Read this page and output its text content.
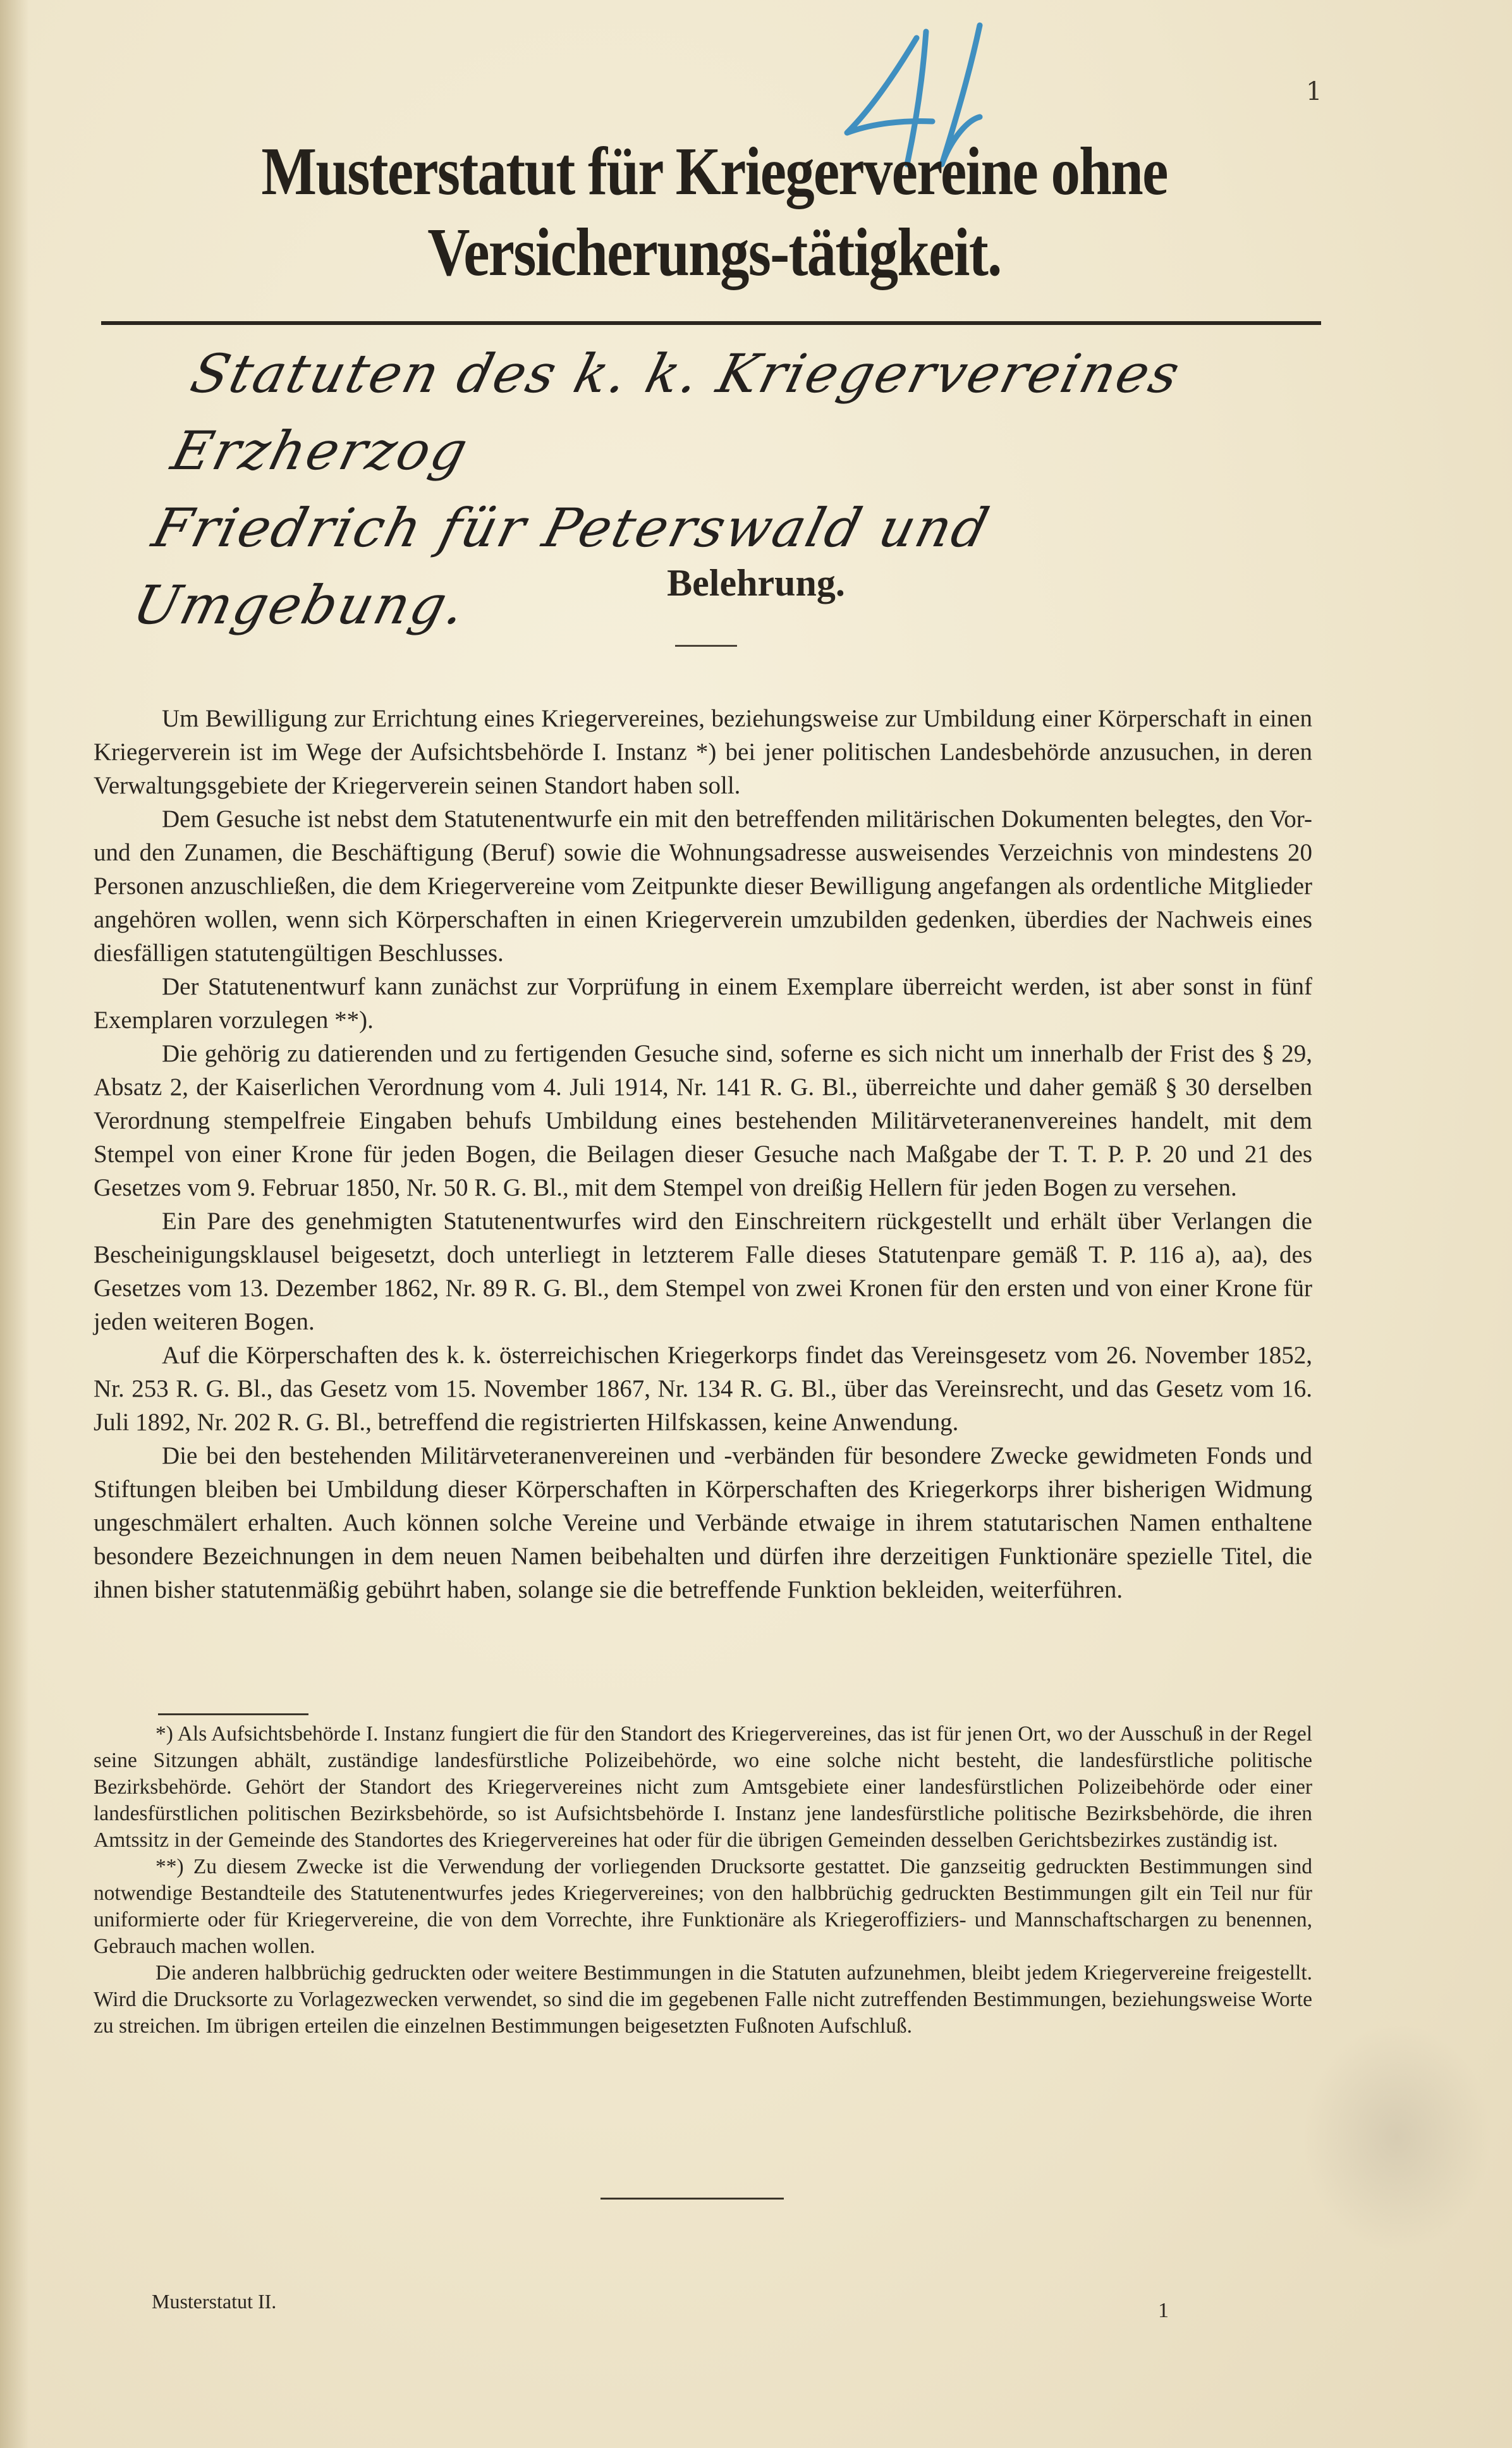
1
Musterstatut für Kriegervereine ohne Versicherungs-tätigkeit.
Statuten des k. k. Kriegervereines Erzherzog
Friedrich für Peterswald und Umgebung.	Belehrung.

Um Bewilligung zur Errichtung eines Kriegervereines, beziehungsweise zur Umbildung einer Körperschaft in einen Kriegerverein ist im Wege der Aufsichtsbehörde I. Instanz *) bei jener politischen Landesbehörde anzusuchen, in deren Verwaltungsgebiete der Kriegerverein seinen Standort haben soll.

Dem Gesuche ist nebst dem Statutenentwurfe ein mit den betreffenden militärischen Dokumenten belegtes, den Vor- und den Zunamen, die Beschäftigung (Beruf) sowie die Wohnungsadresse ausweisendes Verzeichnis von mindestens 20 Personen anzuschließen, die dem Kriegervereine vom Zeitpunkte dieser Bewilligung angefangen als ordentliche Mitglieder angehören wollen, wenn sich Körperschaften in einen Kriegerverein umzubilden gedenken, überdies der Nachweis eines diesfälligen statutengültigen Beschlusses.

Der Statutenentwurf kann zunächst zur Vorprüfung in einem Exemplare überreicht werden, ist aber sonst in fünf Exemplaren vorzulegen **).

Die gehörig zu datierenden und zu fertigenden Gesuche sind, soferne es sich nicht um innerhalb der Frist des § 29, Absatz 2, der Kaiserlichen Verordnung vom 4. Juli 1914, Nr. 141 R. G. Bl., überreichte und daher gemäß § 30 derselben Verordnung stempelfreie Eingaben behufs Umbildung eines bestehenden Militärveteranenvereines handelt, mit dem Stempel von einer Krone für jeden Bogen, die Beilagen dieser Gesuche nach Maßgabe der T. T. P. P. 20 und 21 des Gesetzes vom 9. Februar 1850, Nr. 50 R. G. Bl., mit dem Stempel von dreißig Hellern für jeden Bogen zu versehen.

Ein Pare des genehmigten Statutenentwurfes wird den Einschreitern rückgestellt und erhält über Verlangen die Bescheinigungsklausel beigesetzt, doch unterliegt in letzterem Falle dieses Statutenpare gemäß T. P. 116 a), aa), des Gesetzes vom 13. Dezember 1862, Nr. 89 R. G. Bl., dem Stempel von zwei Kronen für den ersten und von einer Krone für jeden weiteren Bogen.

Auf die Körperschaften des k. k. österreichischen Kriegerkorps findet das Vereinsgesetz vom 26. November 1852, Nr. 253 R. G. Bl., das Gesetz vom 15. November 1867, Nr. 134 R. G. Bl., über das Vereinsrecht, und das Gesetz vom 16. Juli 1892, Nr. 202 R. G. Bl., betreffend die registrierten Hilfskassen, keine Anwendung.

Die bei den bestehenden Militärveteranenvereinen und -verbänden für besondere Zwecke gewidmeten Fonds und Stiftungen bleiben bei Umbildung dieser Körperschaften in Körperschaften des Kriegerkorps ihrer bisherigen Widmung ungeschmälert erhalten. Auch können solche Vereine und Verbände etwaige in ihrem statutarischen Namen enthaltene besondere Bezeichnungen in dem neuen Namen beibehalten und dürfen ihre derzeitigen Funktionäre spezielle Titel, die ihnen bisher statutenmäßig gebührt haben, solange sie die betreffende Funktion bekleiden, weiterführen.

*) Als Aufsichtsbehörde I. Instanz fungiert die für den Standort des Kriegervereines, das ist für jenen Ort, wo der Ausschuß in der Regel seine Sitzungen abhält, zuständige landesfürstliche Polizeibehörde, wo eine solche nicht besteht, die landesfürstliche politische Bezirksbehörde. Gehört der Standort des Kriegervereines nicht zum Amtsgebiete einer landesfürstlichen Polizeibehörde oder einer landesfürstlichen politischen Bezirksbehörde, so ist Aufsichtsbehörde I. Instanz jene landesfürstliche politische Bezirksbehörde, die ihren Amtssitz in der Gemeinde des Standortes des Kriegervereines hat oder für die übrigen Gemeinden desselben Gerichtsbezirkes zuständig ist.

**) Zu diesem Zwecke ist die Verwendung der vorliegenden Drucksorte gestattet. Die ganzseitig gedruckten Bestimmungen sind notwendige Bestandteile des Statutenentwurfes jedes Kriegervereines; von den halbbrüchig gedruckten Bestimmungen gilt ein Teil nur für uniformierte oder für Kriegervereine, die von dem Vorrechte, ihre Funktionäre als Kriegeroffiziers- und Mannschaftschargen zu benennen, Gebrauch machen wollen.

Die anderen halbbrüchig gedruckten oder weitere Bestimmungen in die Statuten aufzunehmen, bleibt jedem Kriegervereine freigestellt. Wird die Drucksorte zu Vorlagezwecken verwendet, so sind die im gegebenen Falle nicht zutreffenden Bestimmungen, beziehungsweise Worte zu streichen. Im übrigen erteilen die einzelnen Bestimmungen beigesetzten Fußnoten Aufschluß.

Musterstatut II.	1
